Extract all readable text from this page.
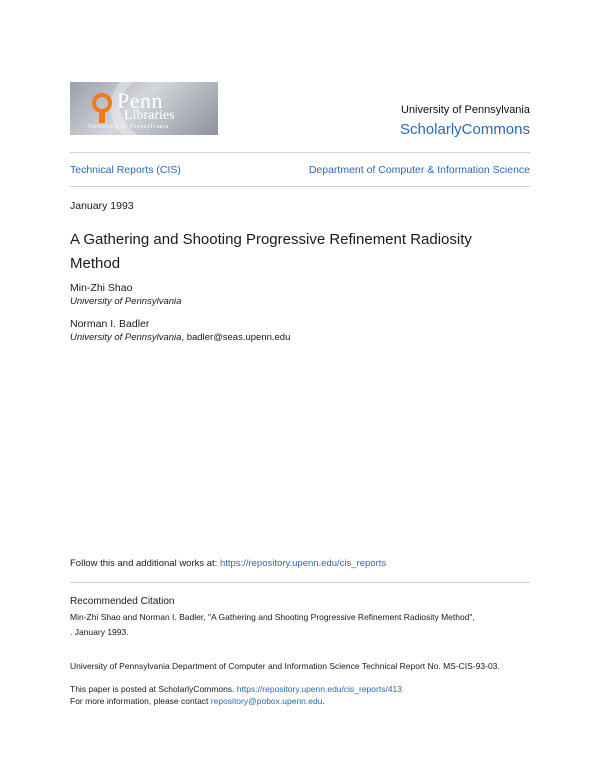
Penn
Libraries
University of Pennsylvania
University of Pennsylvania
ScholarlyCommons
Technical Reports (CIS)	Department of Computer & Information Science
January 1993
A Gathering and Shooting Progressive Refinement Radiosity Method
Min-Zhi Shao
University of Pennsylvania
Norman I. Badler
University of Pennsylvania, badler@seas.upenn.edu
Follow this and additional works at: https://repository.upenn.edu/cis_reports
Recommended Citation
Min-Zhi Shao and Norman I. Badler, "A Gathering and Shooting Progressive Refinement Radiosity Method",
. January 1993.
University of Pennsylvania Department of Computer and Information Science Technical Report No. MS-CIS-93-03.
This paper is posted at ScholarlyCommons. https://repository.upenn.edu/cis_reports/413
For more information, please contact repository@pobox.upenn.edu.
